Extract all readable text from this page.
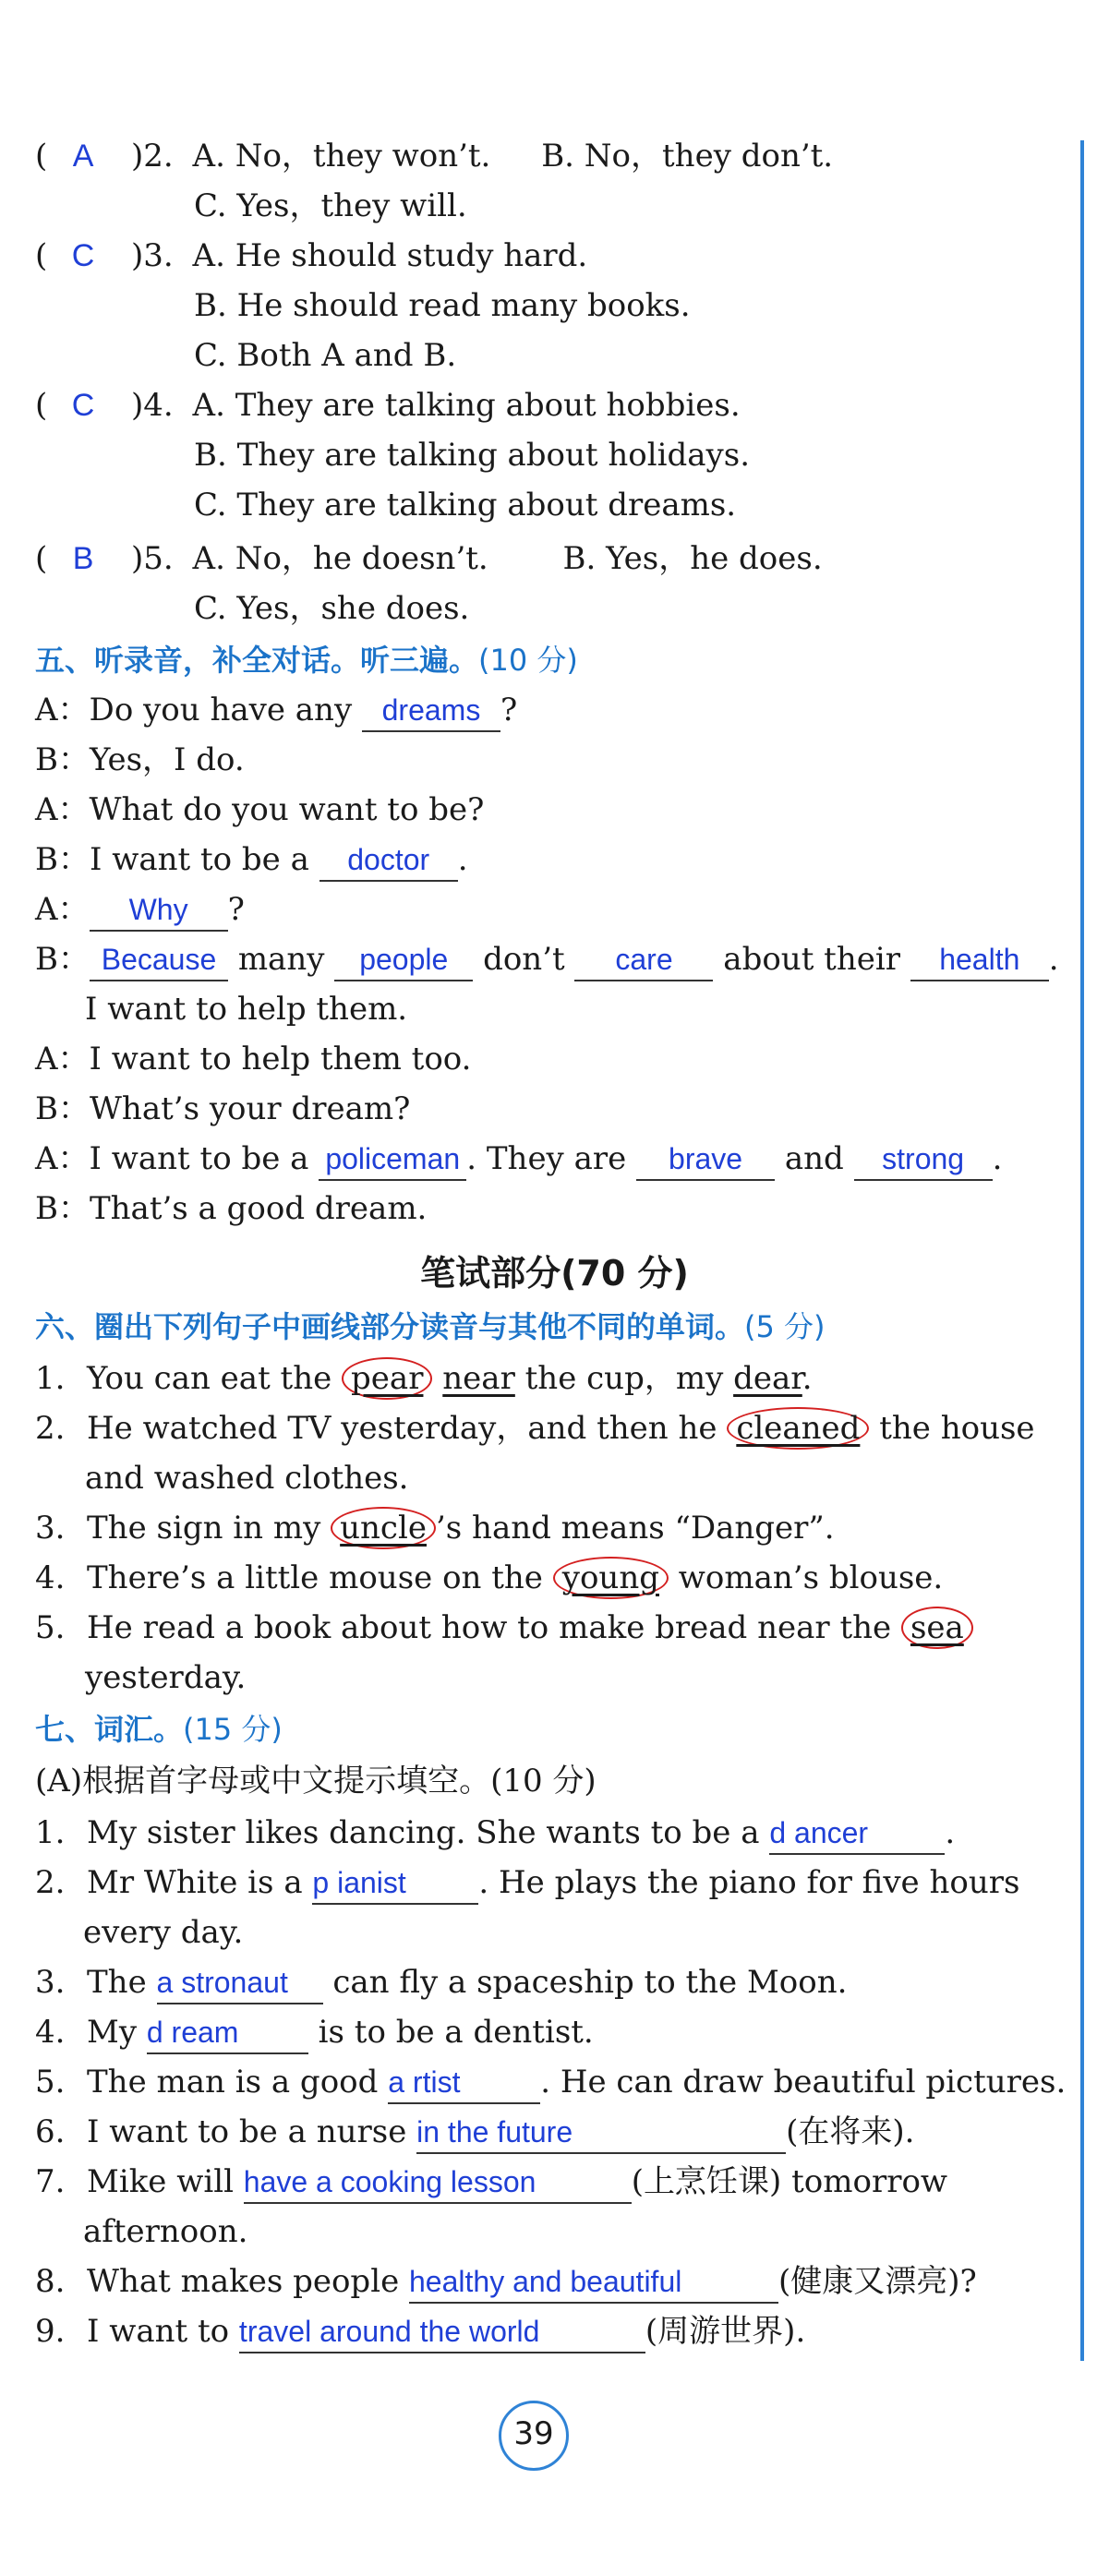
( A )2. A. No，they won’t. B. No，they don’t.
C. Yes，they will.
( C )3. A. He should study hard.
B. He should read many books.
C. Both A and B.
( C )4. A. They are talking about hobbies.
B. They are talking about holidays.
C. They are talking about dreams.
( B )5. A. No，he doesn’t. B. Yes，he does.
C. Yes，she does.
五、听录音，补全对话。听三遍。(10 分)
A：Do you have any dreams ?
B：Yes，I do.
A：What do you want to be?
B：I want to be a doctor .
A： Why ?
B： Because many people don’t care about their health .
I want to help them.
A：I want to help them too.
B：What’s your dream?
A：I want to be a policeman . They are brave and strong .
B：That’s a good dream.
笔试部分(70 分)
六、圈出下列句子中画线部分读音与其他不同的单词。(5 分)
1. You can eat the pear near the cup，my dear.
2. He watched TV yesterday，and then he cleaned the house
and washed clothes.
3. The sign in my uncle ’s hand means “Danger”.
4. There’s a little mouse on the young woman’s blouse.
5. He read a book about how to make bread near the sea
yesterday.
七、词汇。(15 分)
(A)根据首字母或中文提示填空。(10 分)
1. My sister likes dancing. She wants to be a d ancer .
2. Mr White is a p ianist . He plays the piano for five hours
every day.
3. The a stronaut can fly a spaceship to the Moon.
4. My d ream is to be a dentist.
5. The man is a good a rtist	. He can draw beautiful pictures.
6. I want to be a nurse in the future	(在将来).
7. Mike will have a cooking lesson	(上烹饪课) tomorrow
afternoon.
8. What makes people healthy and beautiful	(健康又漂亮)?
9. I want to travel around the world	(周游世界).
39
